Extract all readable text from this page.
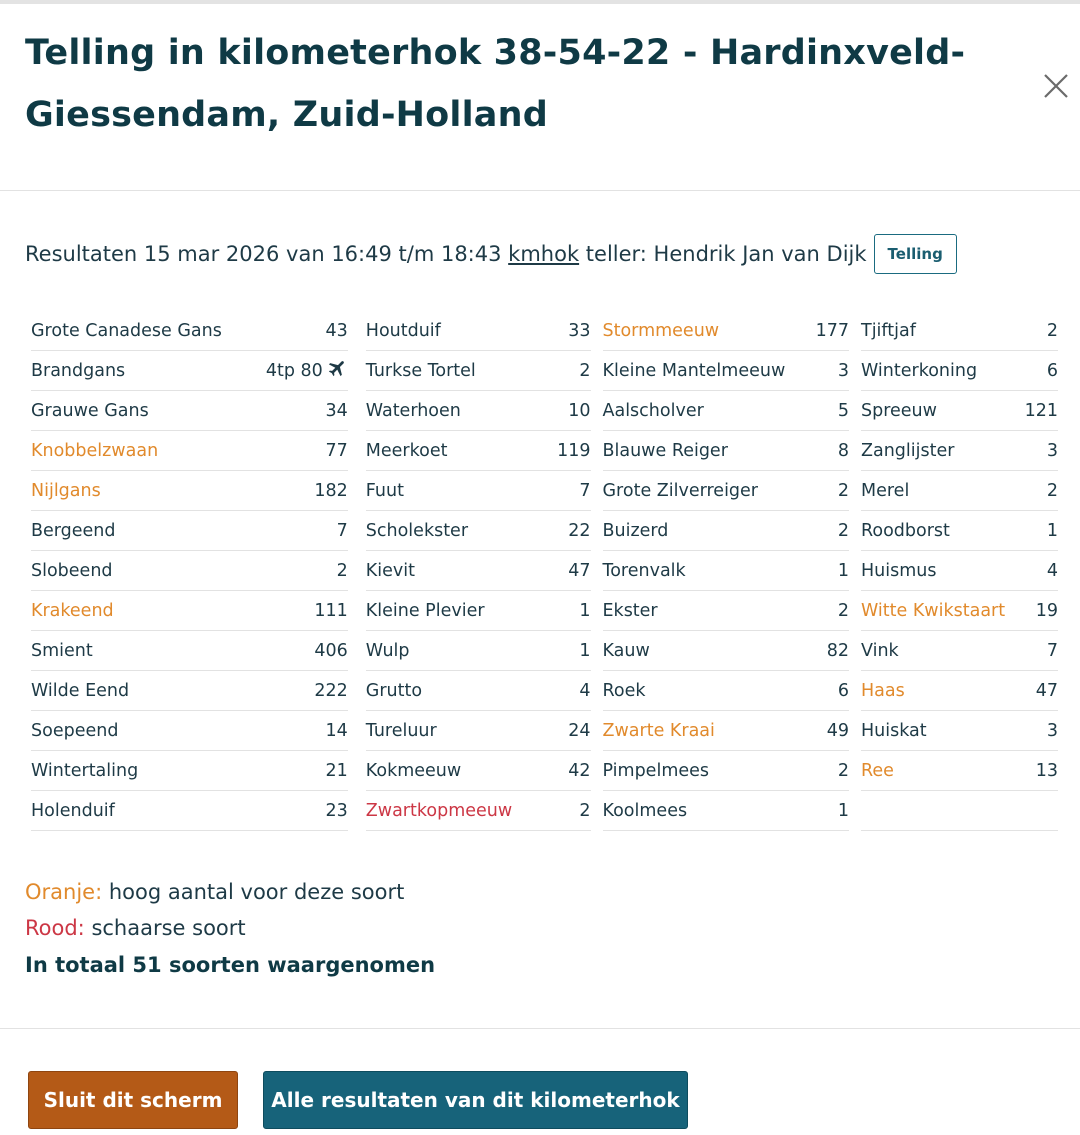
Telling in kilometerhok 38-54-22 - Hardinxveld-Giessendam, Zuid-Holland
Resultaten 15 mar 2026 van 16:49 t/m 18:43
kmhok
teller: Hendrik Jan van Dijk	Telling
Grote Canadese Gans	43
Brandgans	4tp 80
Grauwe Gans	34
Knobbelzwaan	77
Nijlgans	182
Bergeend	7
Slobeend	2
Krakeend	111
Smient	406
Wilde Eend	222
Soepeend	14
Wintertaling	21
Holenduif	23
Houtduif	33
Turkse Tortel	2
Waterhoen	10
Meerkoet	119
Fuut	7
Scholekster	22
Kievit	47
Kleine Plevier	1
Wulp	1
Grutto	4
Tureluur	24
Kokmeeuw	42
Zwartkopmeeuw	2
Stormmeeuw	177
Kleine Mantelmeeuw	3
Aalscholver	5
Blauwe Reiger	8
Grote Zilverreiger	2
Buizerd	2
Torenvalk	1
Ekster	2
Kauw	82
Roek	6
Zwarte Kraai	49
Pimpelmees	2
Koolmees	1
Tjiftjaf	2
Winterkoning	6
Spreeuw	121
Zanglijster	3
Merel	2
Roodborst	1
Huismus	4
Witte Kwikstaart 19
Vink	7
Haas	47
Huiskat	3
Ree	13
Oranje: hoog aantal voor deze soort
Rood: schaarse soort
In totaal 51 soorten waargenomen
Sluit dit scherm	Alle resultaten van dit kilometerhok
